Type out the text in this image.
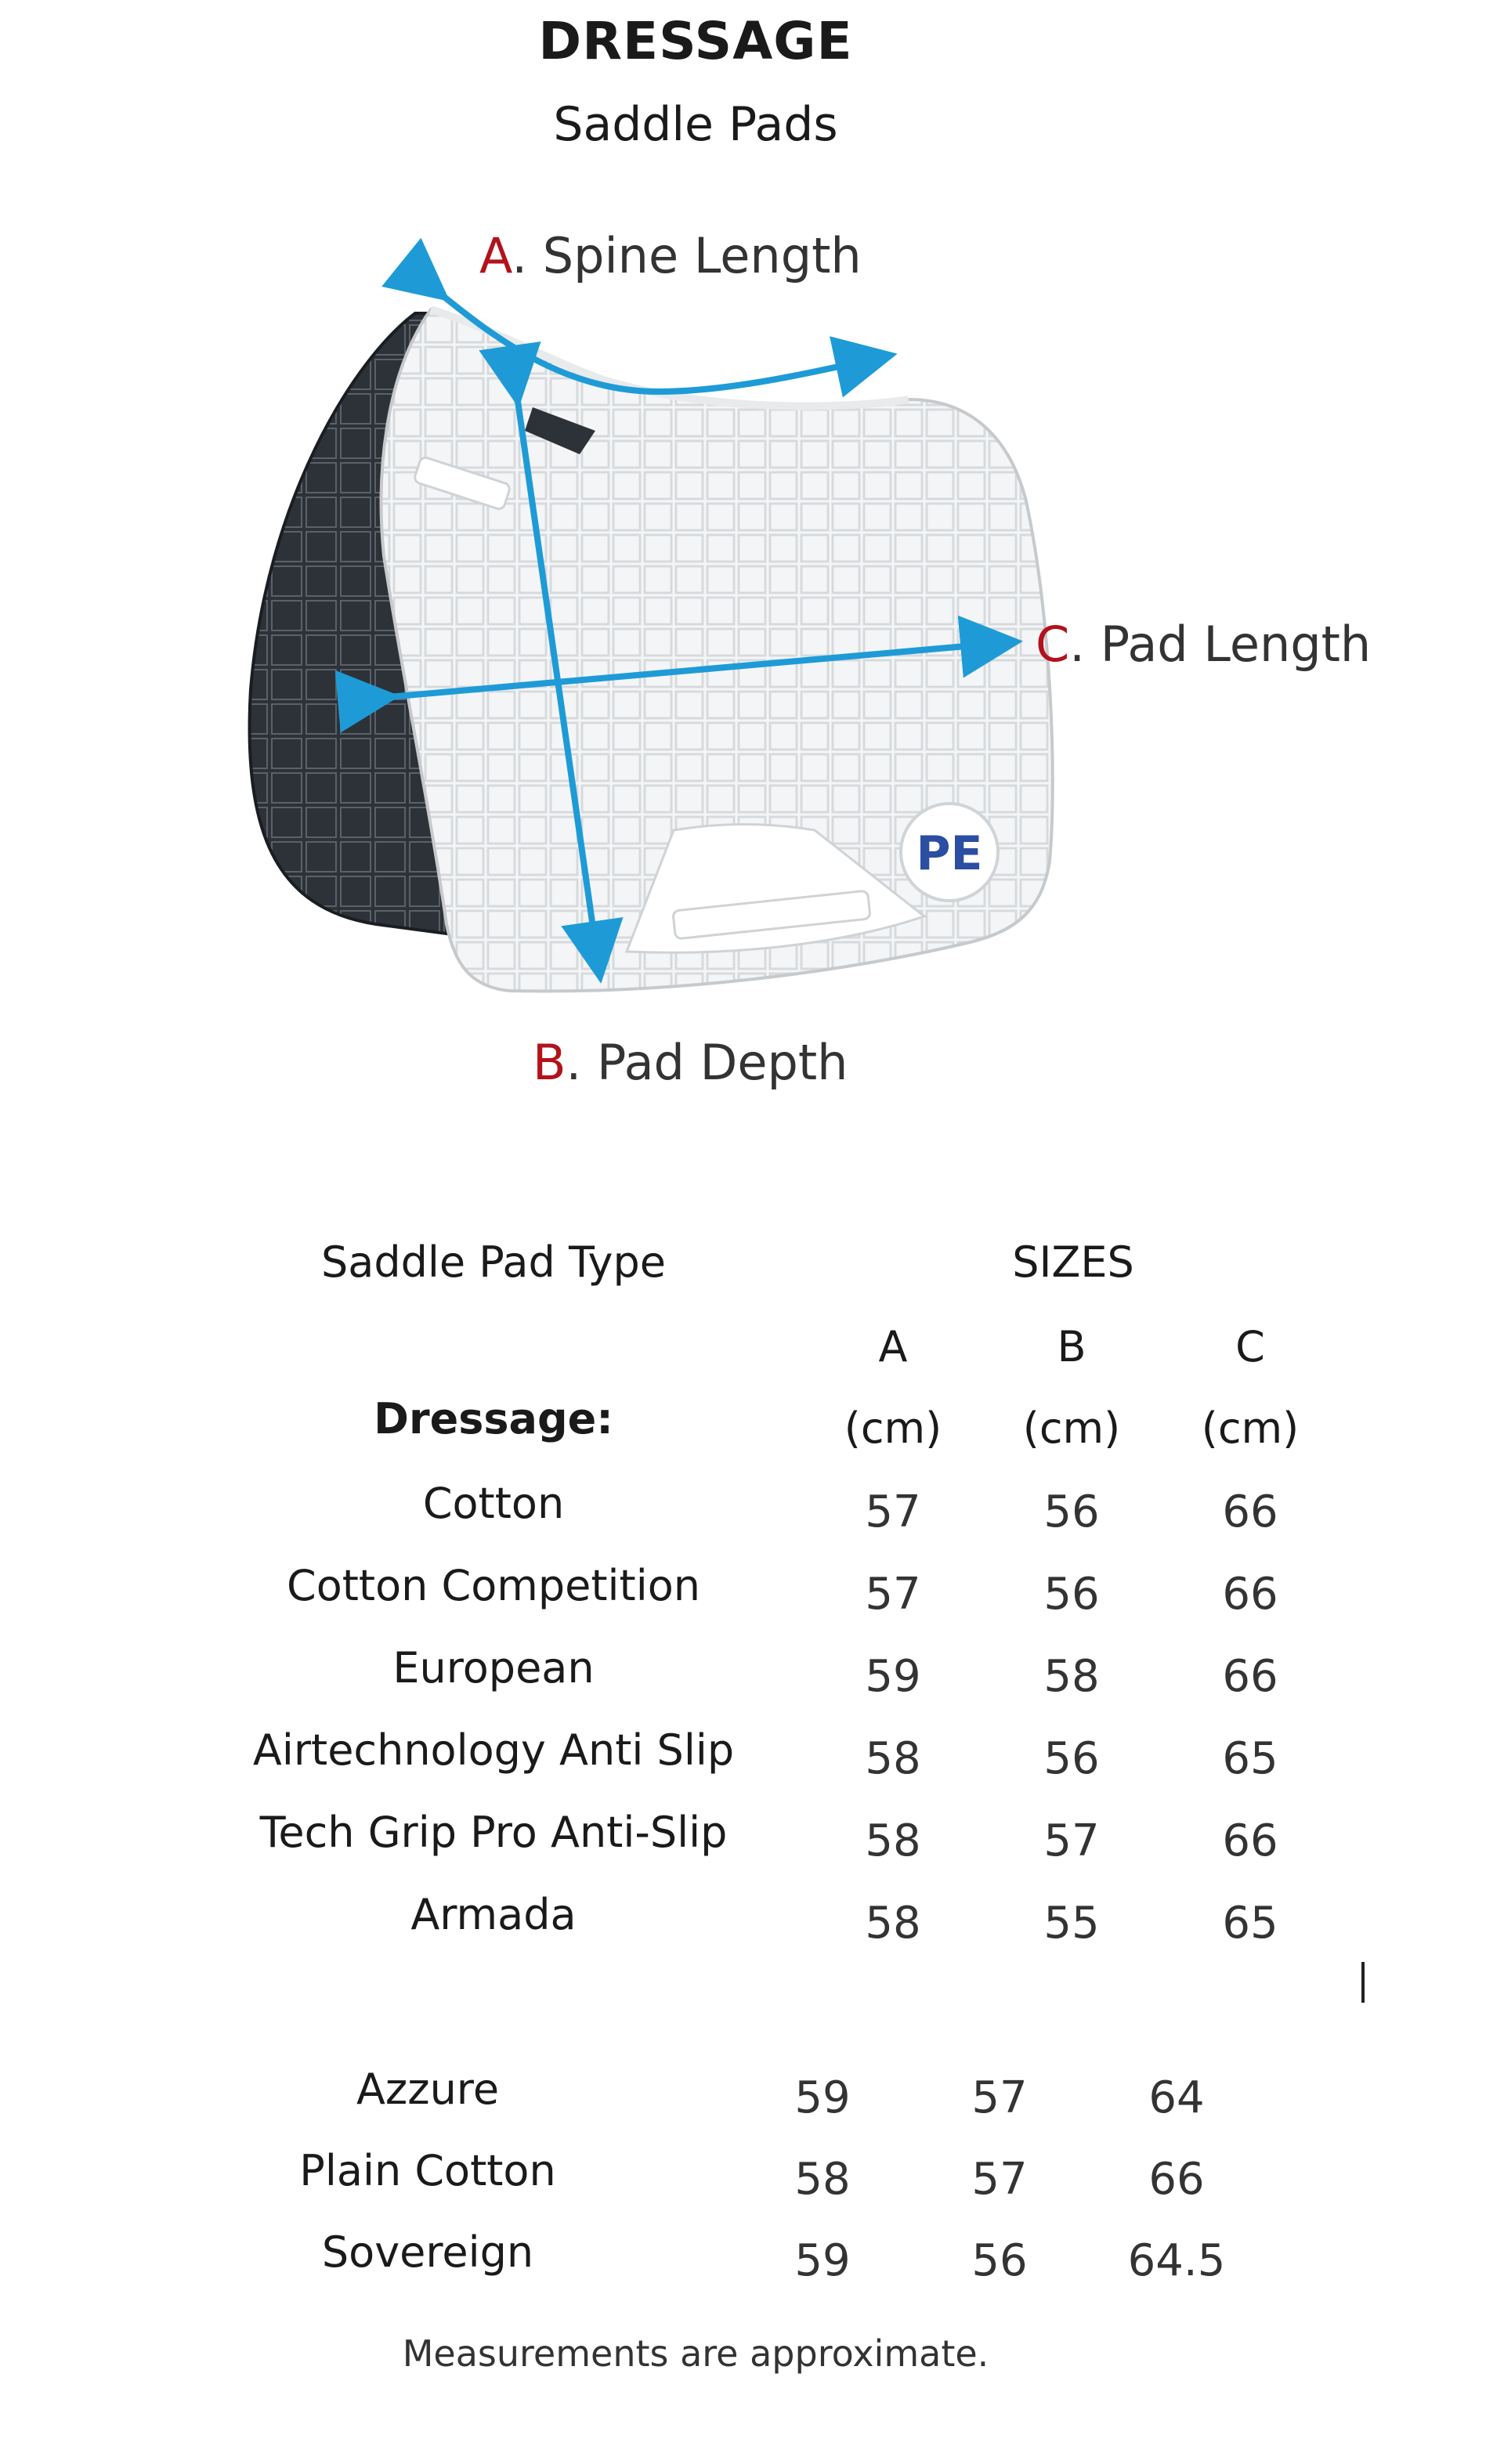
DRESSAGE
Saddle Pads
PE
A. Spine Length
C. Pad Length
B. Pad Depth
Saddle Pad Type	SIZES
A	B	C
Dressage:	(cm)	(cm)	(cm)
Cotton	57	56	66
Cotton Competition	57	56	66
European	59	58	66
Airtechnology Anti Slip	58	56	65
Tech Grip Pro Anti-Slip	58	57	66
Armada	58	55	65
Azzure	59	57	64
Plain Cotton	58	57	66
Sovereign	59	56	64.5
Measurements are approximate.
